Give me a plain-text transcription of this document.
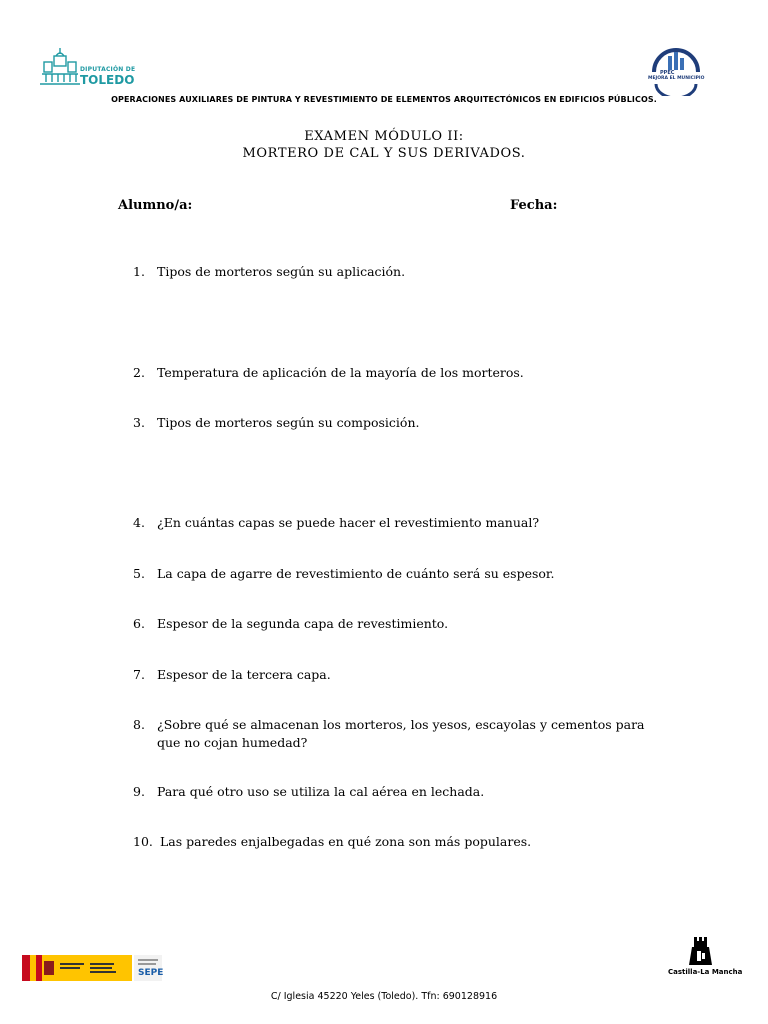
DIPUTACIÓN DE
TOLEDO	PPEC
MEJORA EL MUNICIPIO
OPERACIONES AUXILIARES DE PINTURA Y REVESTIMIENTO DE ELEMENTOS ARQUITECTÓNICOS EN EDIFICIOS PÚBLICOS.
EXAMEN MÓDULO II:
MORTERO DE CAL Y SUS DERIVADOS.
Alumno/a:	Fecha:
1. Tipos de morteros según su aplicación.
2. Temperatura de aplicación de la mayoría de los morteros.
3. Tipos de morteros según su composición.
4. ¿En cuántas capas se puede hacer el revestimiento manual?
5. La capa de agarre de revestimiento de cuánto será su espesor.
6. Espesor de la segunda capa de revestimiento.
7. Espesor de la tercera capa.
8. ¿Sobre qué se almacenan los morteros, los yesos, escayolas y cementos para que no cojan humedad?
9. Para qué otro uso se utiliza la cal aérea en lechada.
10. Las paredes enjalbegadas en qué zona son más populares.
SEPE	Castilla-La Mancha
C/ Iglesia 45220 Yeles (Toledo). Tfn: 690128916
